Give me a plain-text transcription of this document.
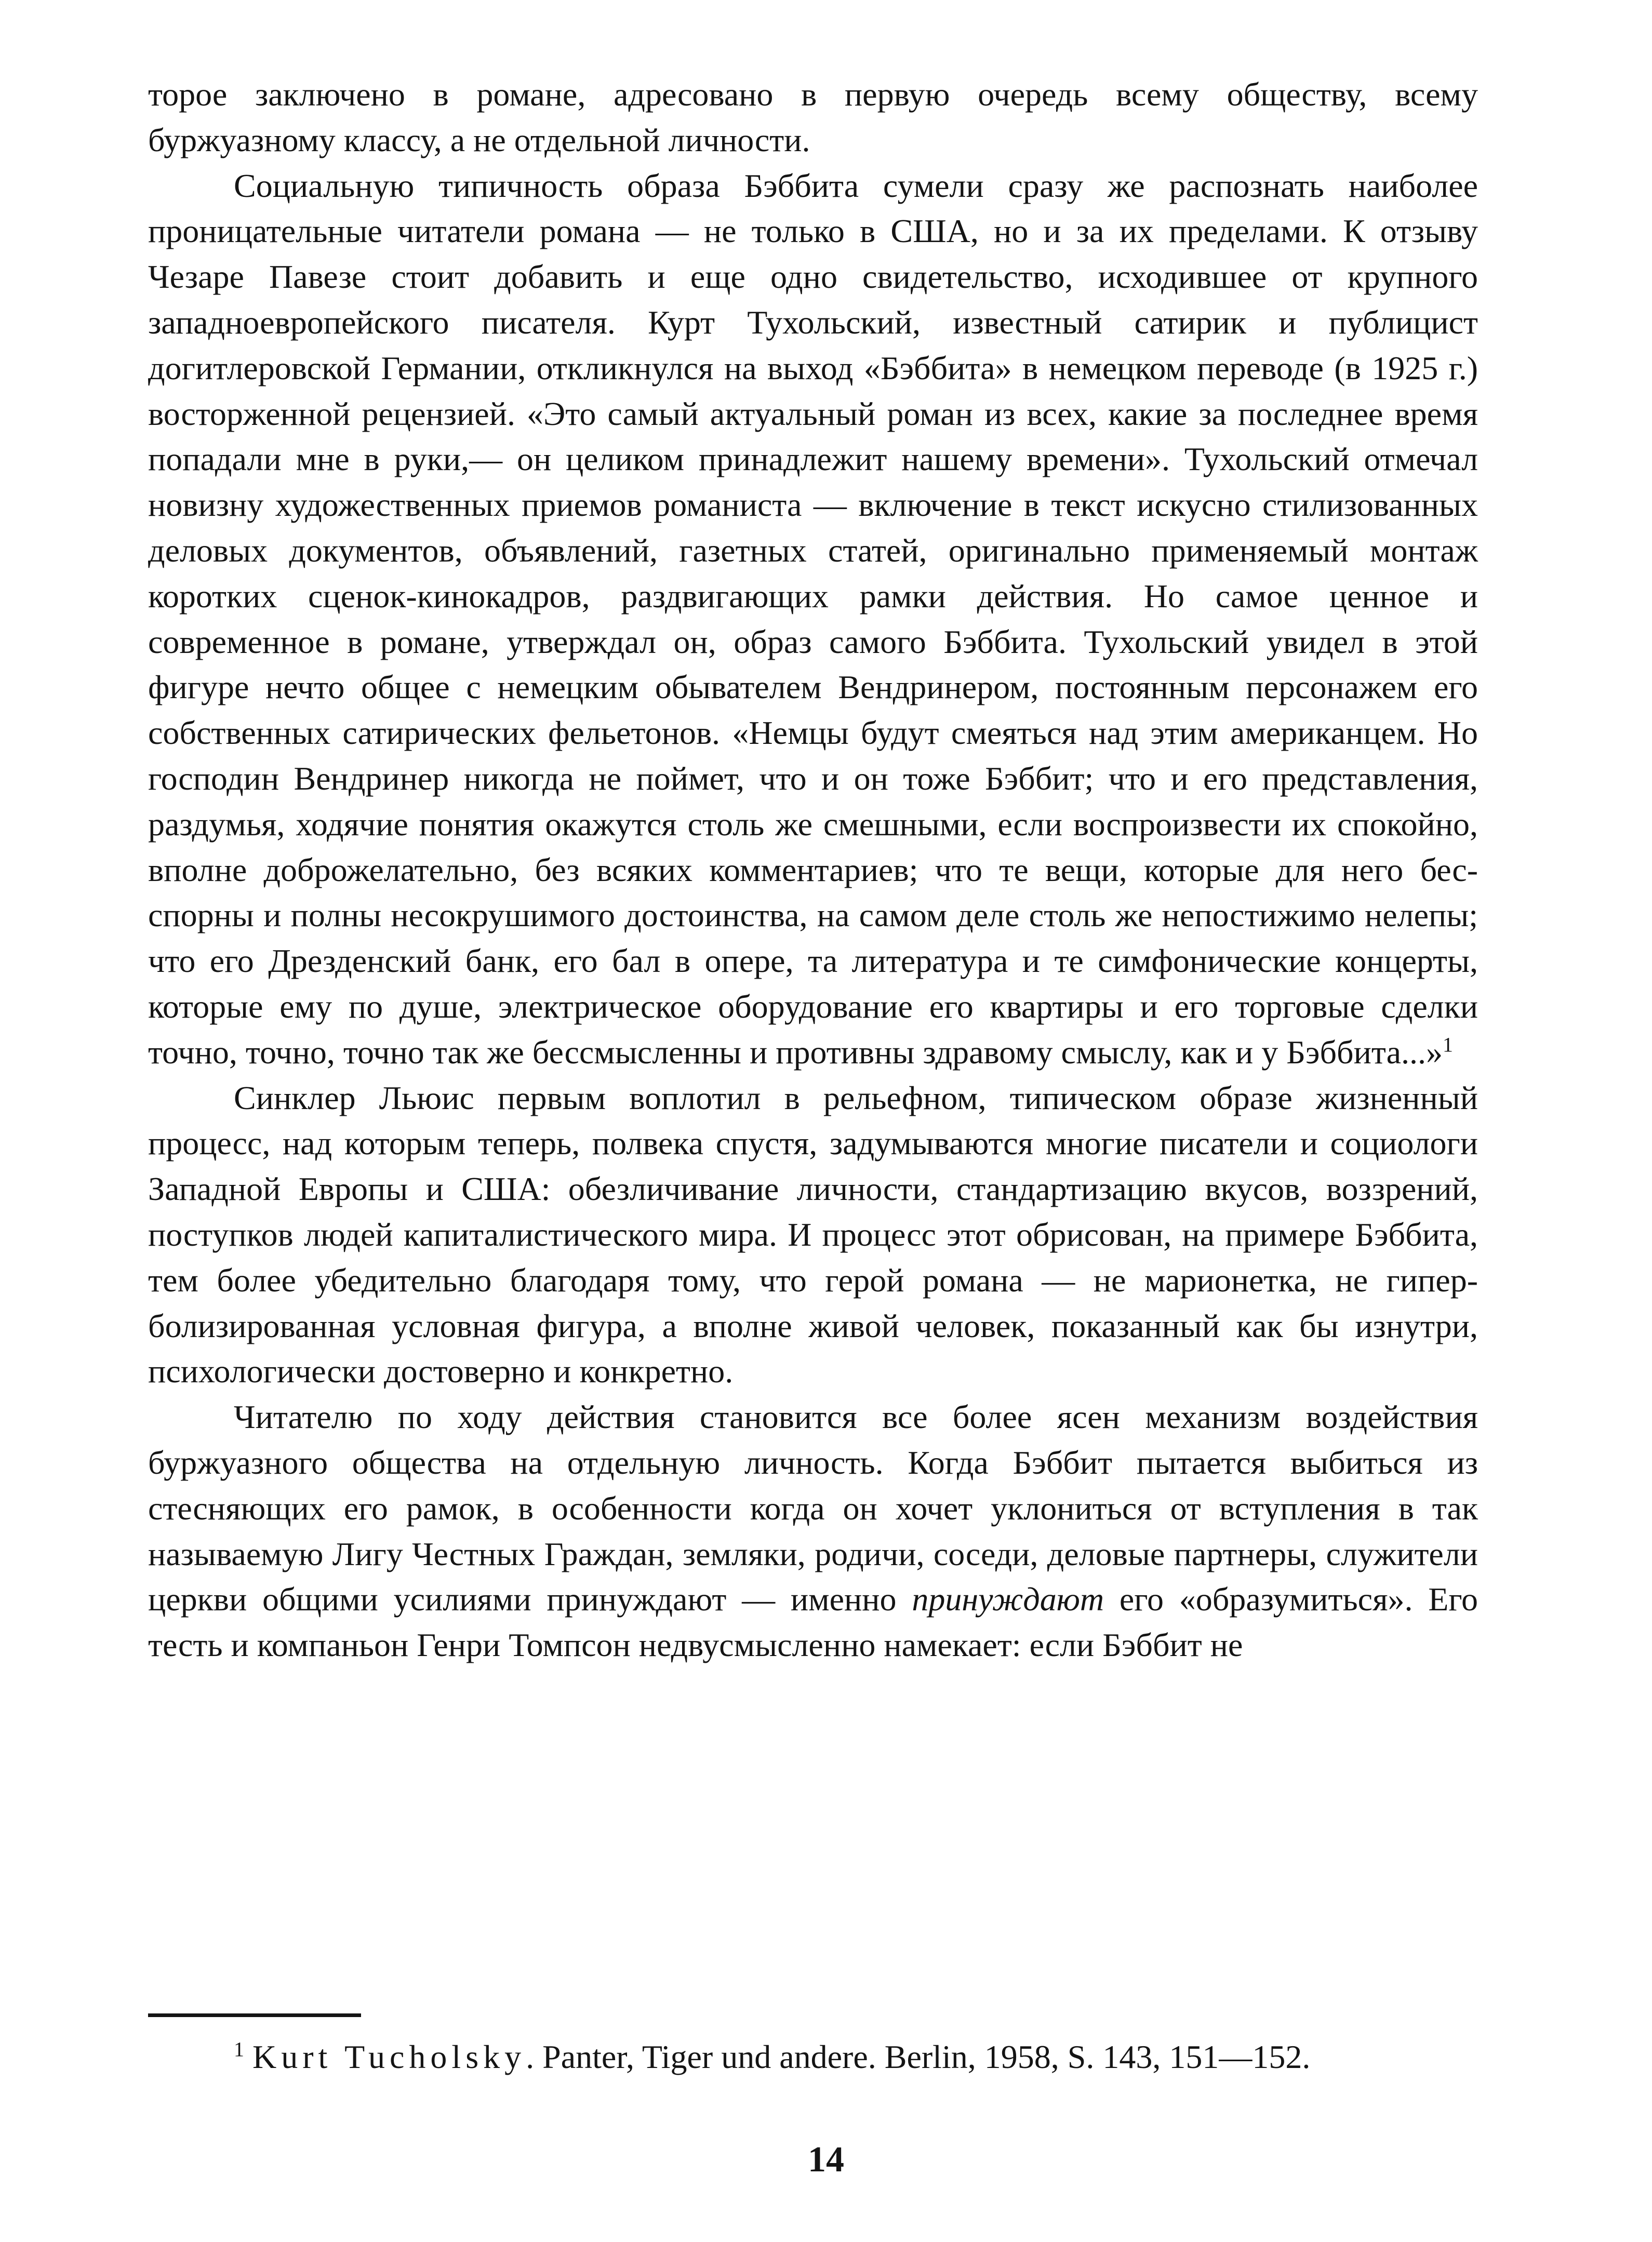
торое заключено в романе, адресовано в первую очередь всему обществу, всему буржуазному классу, а не отдельной личности.

Социальную типичность образа Бэббита сумели сразу же распознать наиболее проницательные читатели романа — не только в США, но и за их пределами. К отзыву Чезаре Павезе стоит добавить и еще одно свидетельство, исходившее от крупного западноевропейского писателя. Курт Тухольский, известный сатирик и публицист догитлеровской Германии, откликнулся на выход «Бэббита» в немецком переводе (в 1925 г.) восторженной рецензией. «Это самый актуальный роман из всех, какие за последнее время попадали мне в руки,— он целиком принадлежит нашему времени». Тухольский отмечал новизну художественных приемов романиста — включение в текст искусно стилизованных деловых документов, объявлений, газетных статей, оригинально применяемый монтаж коротких сценок-кинокадров, раздвигающих рамки действия. Но самое ценное и современное в романе, утверждал он, образ самого Бэббита. Тухольский увидел в этой фигуре нечто общее с немецким обывателем Вендринером, постоянным персонажем его собственных сатирических фельетонов. «Немцы будут смеяться над этим американцем. Но господин Вендринер никогда не поймет, что и он тоже Бэббит; что и его представления, раздумья, ходячие понятия окажутся столь же смешными, если воспроизвести их спокойно, вполне доброжелательно, без всяких комментариев; что те вещи, которые для него бесспорны и полны несокрушимого достоинства, на самом деле столь же непостижимо нелепы; что его Дрезденский банк, его бал в опере, та литература и те симфонические концерты, которые ему по душе, электрическое оборудование его квартиры и его торговые сделки точно, точно, точно так же бессмысленны и противны здравому смыслу, как и у Бэббита...»$^1$

Синклер Льюис первым воплотил в рельефном, типическом образе жизненный процесс, над которым теперь, полвека спустя, задумываются многие писатели и социологи Западной Европы и США: обезличивание личности, стандартизацию вкусов, воззрений, поступков людей капиталистического мира. И процесс этот обрисован, на примере Бэббита, тем более убедительно благодаря тому, что герой романа — не марионетка, не гиперболизированная условная фигура, а вполне живой человек, показанный как бы изнутри, психологически достоверно и конкретно.

Читателю по ходу действия становится все более ясен механизм воздействия буржуазного общества на отдельную личность. Когда Бэббит пытается выбиться из стесняющих его рамок, в особенности когда он хочет уклониться от вступления в так называемую Лигу Честных Граждан, земляки, родичи, соседи, деловые партнеры, служители церкви общими усилиями принуждают — именно принуждают его «образумиться». Его тесть и компаньон Генри Томпсон недвусмысленно намекает: если Бэббит не

$^1$ Kurt Tucholsky. Panter, Tiger und andere. Berlin, 1958, S. 143, 151—152.

14
